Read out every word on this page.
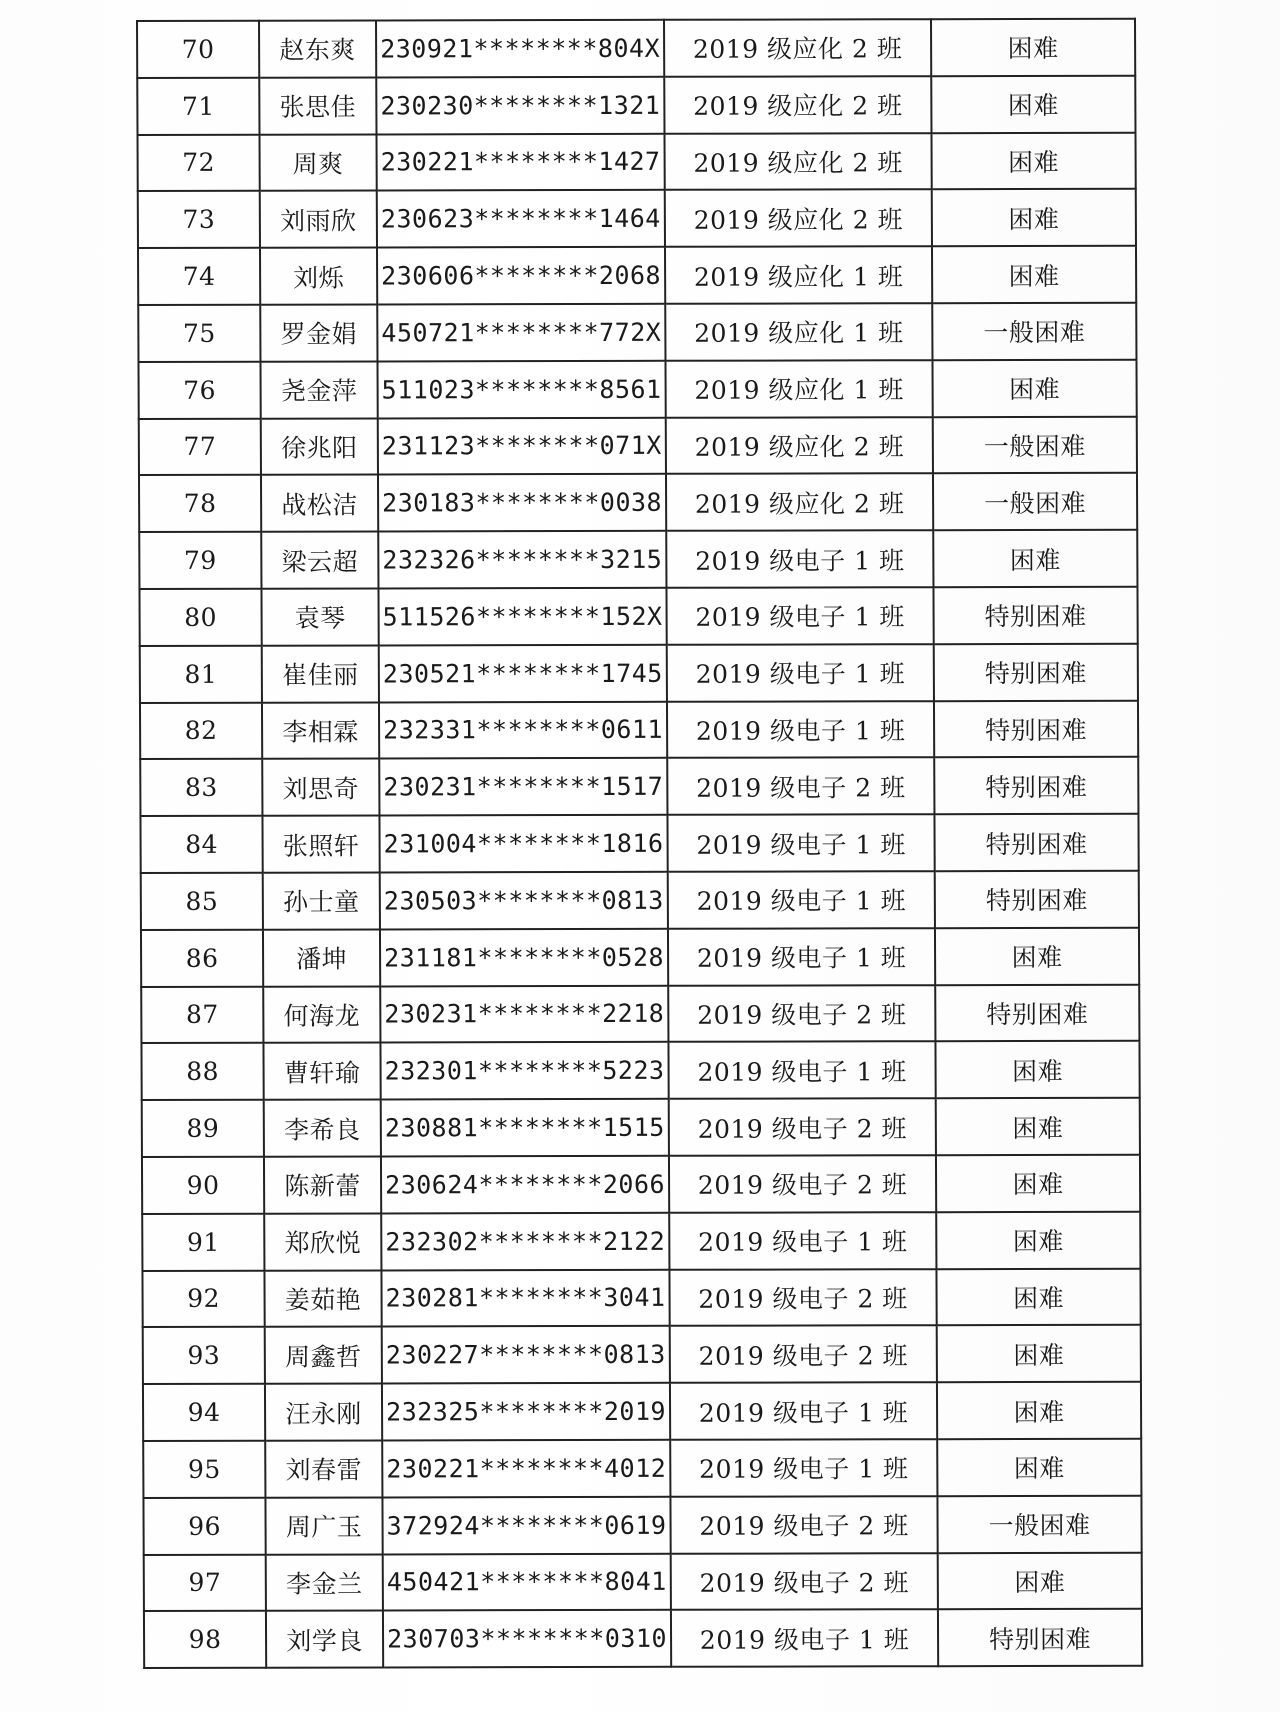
70	赵东爽	230921********804X	2019 级应化 2 班	困难
71	张思佳	230230********1321	2019 级应化 2 班	困难
72	周爽	230221********1427	2019 级应化 2 班	困难
73	刘雨欣	230623********1464	2019 级应化 2 班	困难
74	刘烁	230606********2068	2019 级应化 1 班	困难
75	罗金娟	450721********772X	2019 级应化 1 班	一般困难
76	尧金萍	511023********8561	2019 级应化 1 班	困难
77	徐兆阳	231123********071X	2019 级应化 2 班	一般困难
78	战松洁	230183********0038	2019 级应化 2 班	一般困难
79	梁云超	232326********3215	2019 级电子 1 班	困难
80	袁琴	511526********152X	2019 级电子 1 班	特别困难
81	崔佳丽	230521********1745	2019 级电子 1 班	特别困难
82	李相霖	232331********0611	2019 级电子 1 班	特别困难
83	刘思奇	230231********1517	2019 级电子 2 班	特别困难
84	张照轩	231004********1816	2019 级电子 1 班	特别困难
85	孙士童	230503********0813	2019 级电子 1 班	特别困难
86	潘坤	231181********0528	2019 级电子 1 班	困难
87	何海龙	230231********2218	2019 级电子 2 班	特别困难
88	曹轩瑜	232301********5223	2019 级电子 1 班	困难
89	李希良	230881********1515	2019 级电子 2 班	困难
90	陈新蕾	230624********2066	2019 级电子 2 班	困难
91	郑欣悦	232302********2122	2019 级电子 1 班	困难
92	姜茹艳	230281********3041	2019 级电子 2 班	困难
93	周鑫哲	230227********0813	2019 级电子 2 班	困难
94	汪永刚	232325********2019	2019 级电子 1 班	困难
95	刘春雷	230221********4012	2019 级电子 1 班	困难
96	周广玉	372924********0619	2019 级电子 2 班	一般困难
97	李金兰	450421********8041	2019 级电子 2 班	困难
98	刘学良	230703********0310	2019 级电子 1 班	特别困难
